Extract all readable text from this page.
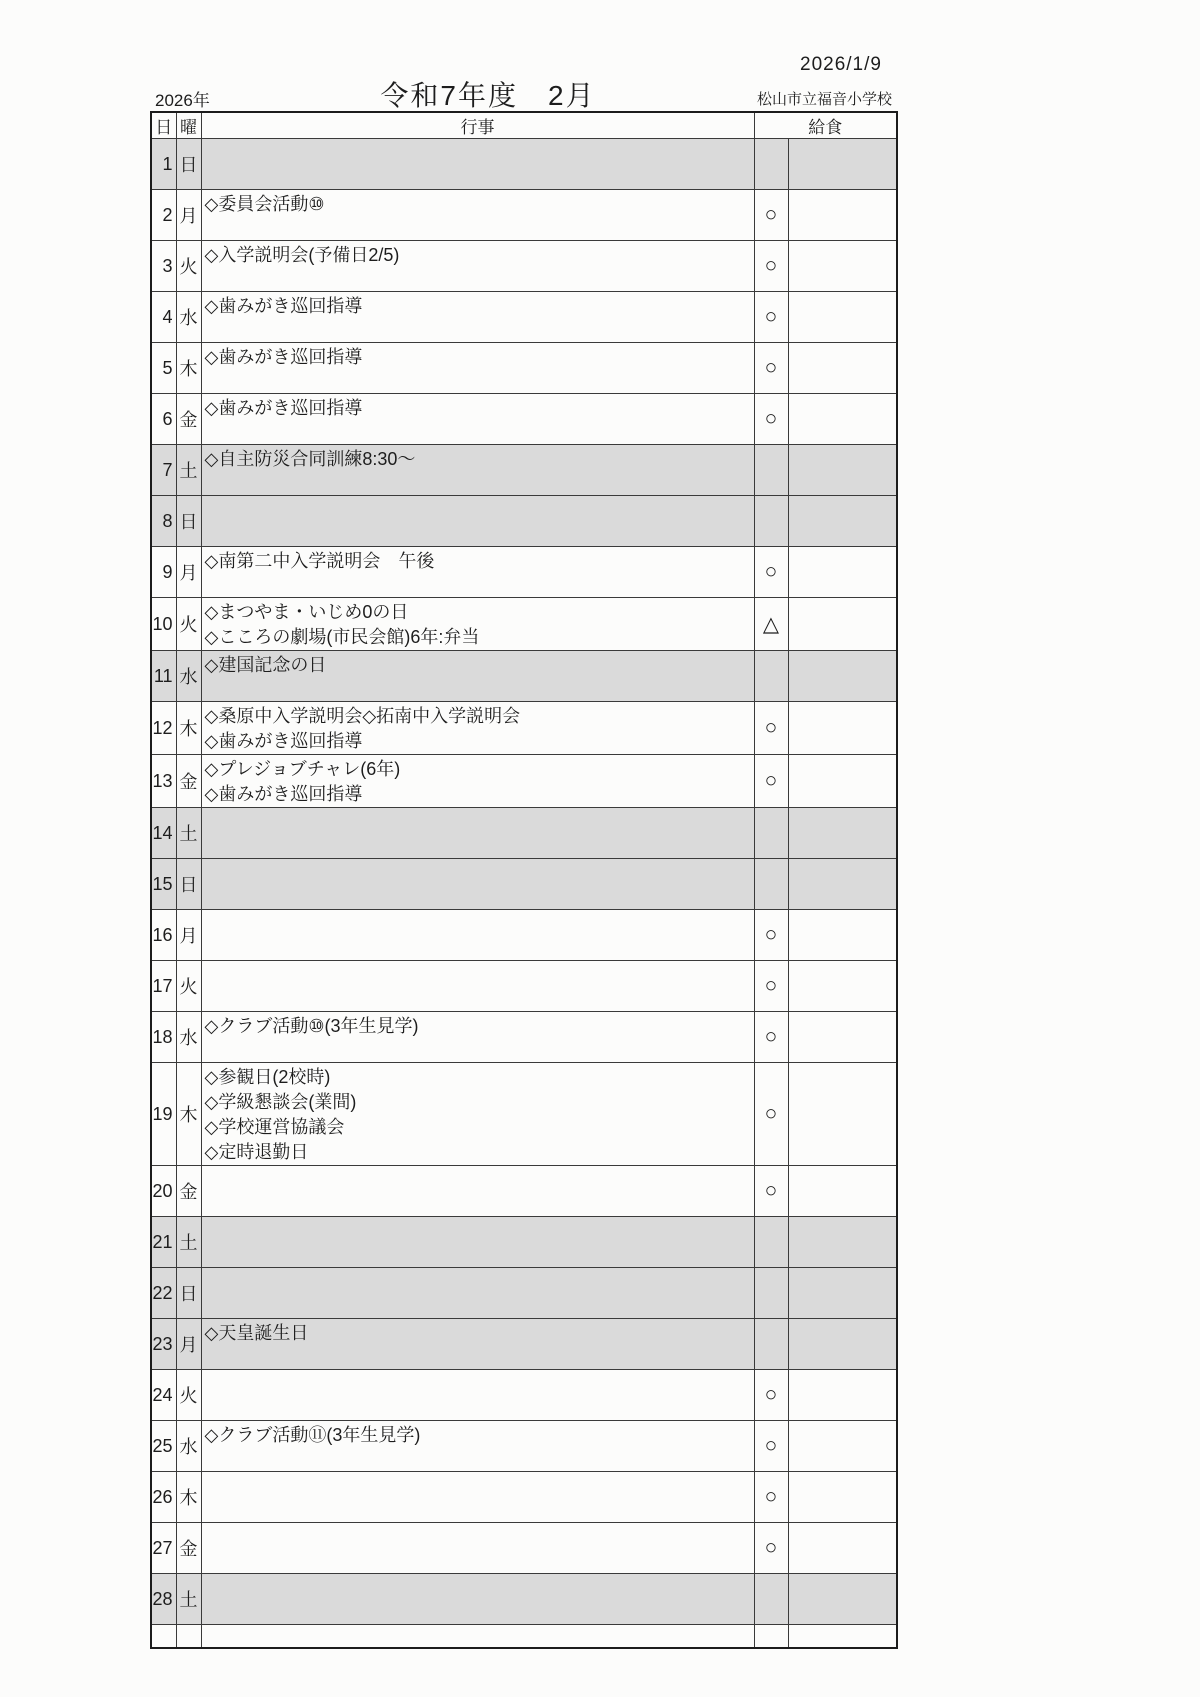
2026/1/9
2026年	令和7年度　2月	松山市立福音小学校
日	曜	行事	給食	
1	日			
2	月	◇委員会活動⑩	○	
3	火	◇入学説明会(予備日2/5)	○	
4	水	◇歯みがき巡回指導	○	
5	木	◇歯みがき巡回指導	○	
6	金	◇歯みがき巡回指導	○	
7	土	◇自主防災合同訓練8:30～		

8	日			
9	月	◇南第二中入学説明会　午後	○	
10	火	◇まつやま・いじめ0の日
◇こころの劇場(市民会館)6年:弁当	△	
11	水	◇建国記念の日		

12	木	◇桑原中入学説明会◇拓南中入学説明会
◇歯みがき巡回指導	○	
13	金	◇プレジョブチャレ(6年)
◇歯みがき巡回指導	○	
14	土			
15	日			
16	月		○	
17	火		○	
18	水	◇クラブ活動⑩(3年生見学)	○	
19	木	◇参観日(2校時)
◇学級懇談会(業間)
◇学校運営協議会
◇定時退勤日	○	
20	金		○	
21	土			
22	日			
23	月	◇天皇誕生日		

24	火		○	
25	水	◇クラブ活動⑪(3年生見学)	○	
26	木		○	
27	金		○	
28	土			
